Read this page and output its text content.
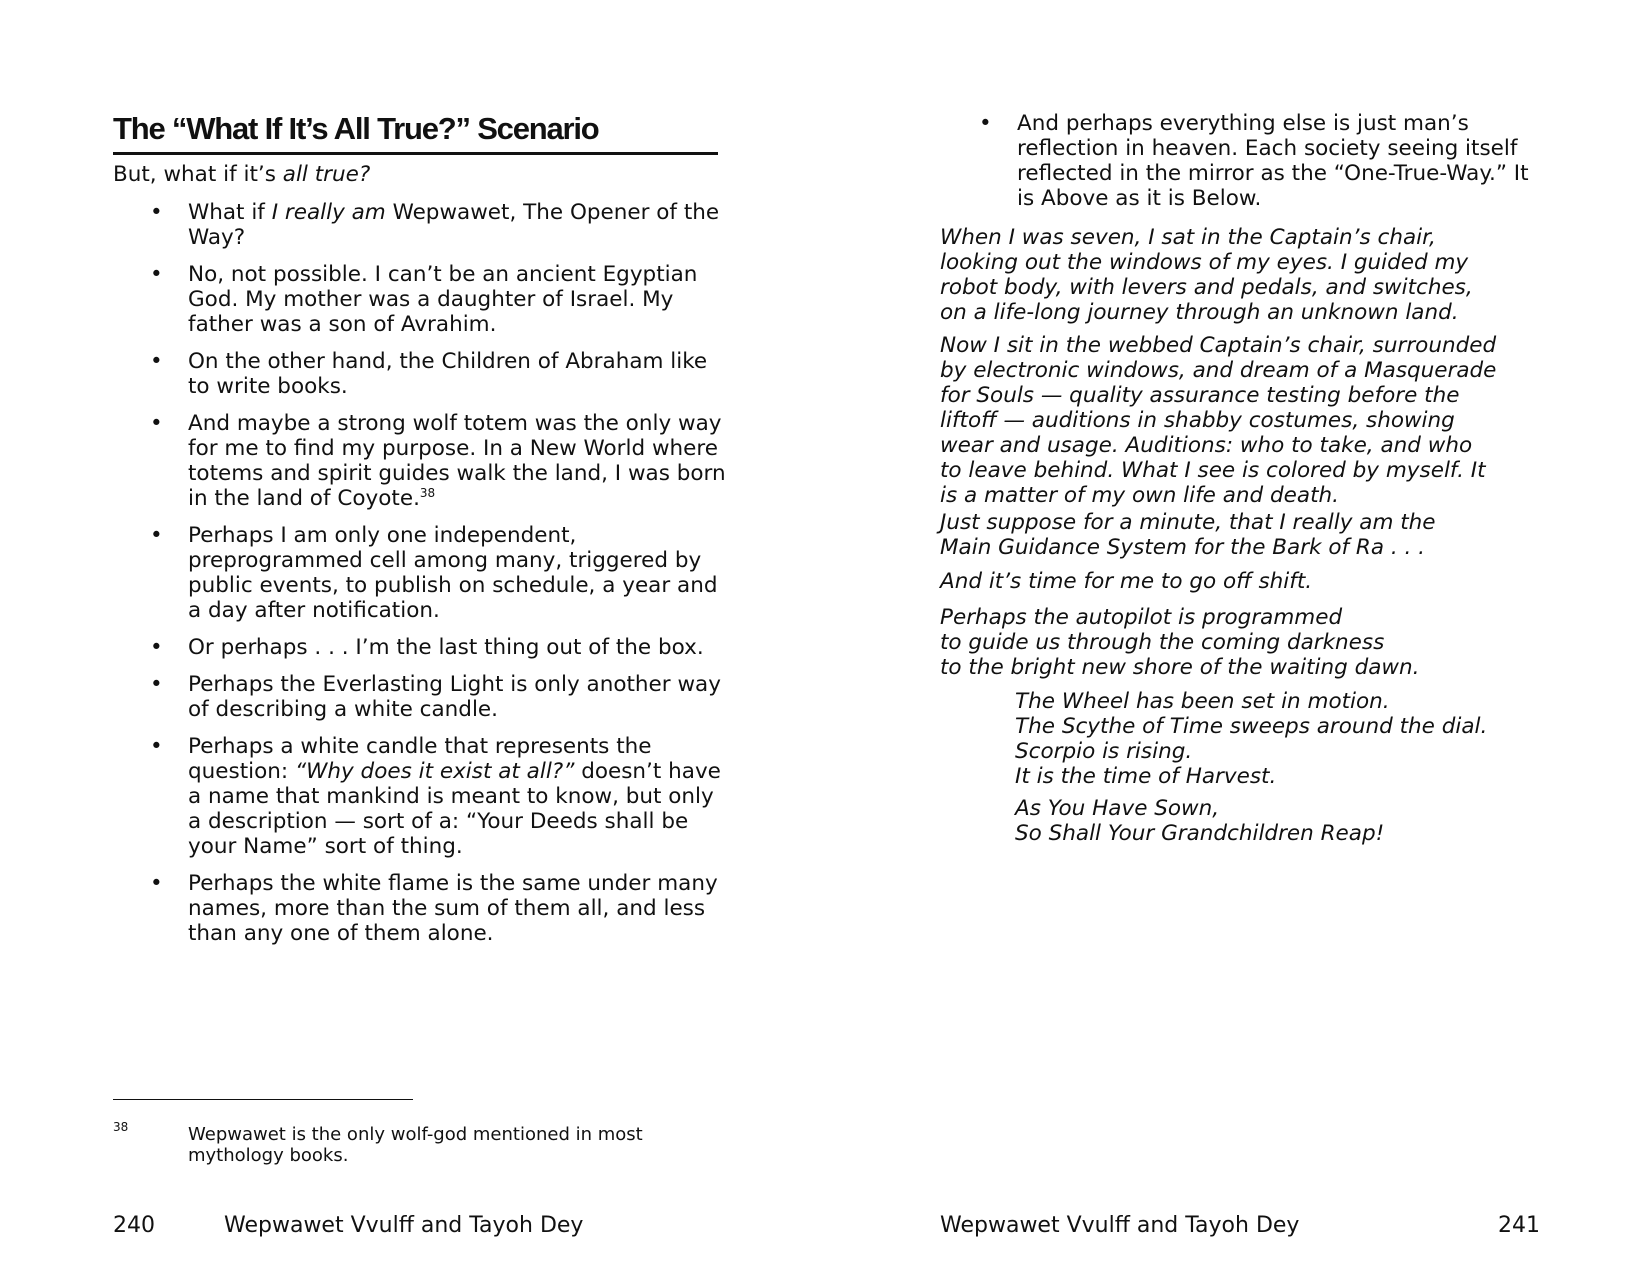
The “What If It’s All True?” Scenario

But, what if it’s all true?

• What if I really am Wepwawet, The Opener of the Way?
• No, not possible. I can’t be an ancient Egyptian God. My mother was a daughter of Israel. My father was a son of Avrahim.
• On the other hand, the Children of Abraham like to write books.
• And maybe a strong wolf totem was the only way for me to find my purpose. In a New World where totems and spirit guides walk the land, I was born in the land of Coyote.$^{38}$
• Perhaps I am only one independent, preprogrammed cell among many, triggered by public events, to publish on schedule, a year and a day after notification.
• Or perhaps . . . I’m the last thing out of the box.
• Perhaps the Everlasting Light is only another way of describing a white candle.
• Perhaps a white candle that represents the question: “Why does it exist at all?” doesn’t have a name that mankind is meant to know, but only a description — sort of a: “Your Deeds shall be your Name” sort of thing.
• Perhaps the white flame is the same under many names, more than the sum of them all, and less than any one of them alone.
38	Wepwawet is the only wolf-god mentioned in most mythology books.

240	Wepwawet Vvulff and Tayoh Dey
• And perhaps everything else is just man’s reflection in heaven. Each society seeing itself reflected in the mirror as the “One-True-Way.” It is Above as it is Below.

When I was seven, I sat in the Captain’s chair,
looking out the windows of my eyes. I guided my
robot body, with levers and pedals, and switches,
on a life-long journey through an unknown land.

Now I sit in the webbed Captain’s chair, surrounded
by electronic windows, and dream of a Masquerade
for Souls — quality assurance testing before the
liftoff — auditions in shabby costumes, showing
wear and usage. Auditions: who to take, and who
to leave behind. What I see is colored by myself. It
is a matter of my own life and death.

Just suppose for a minute, that I really am the
Main Guidance System for the Bark of Ra . . .

And it’s time for me to go off shift.

Perhaps the autopilot is programmed
to guide us through the coming darkness
to the bright new shore of the waiting dawn.

The Wheel has been set in motion.
The Scythe of Time sweeps around the dial.
Scorpio is rising.
It is the time of Harvest.

As You Have Sown,
So Shall Your Grandchildren Reap!

Wepwawet Vvulff and Tayoh Dey	241
